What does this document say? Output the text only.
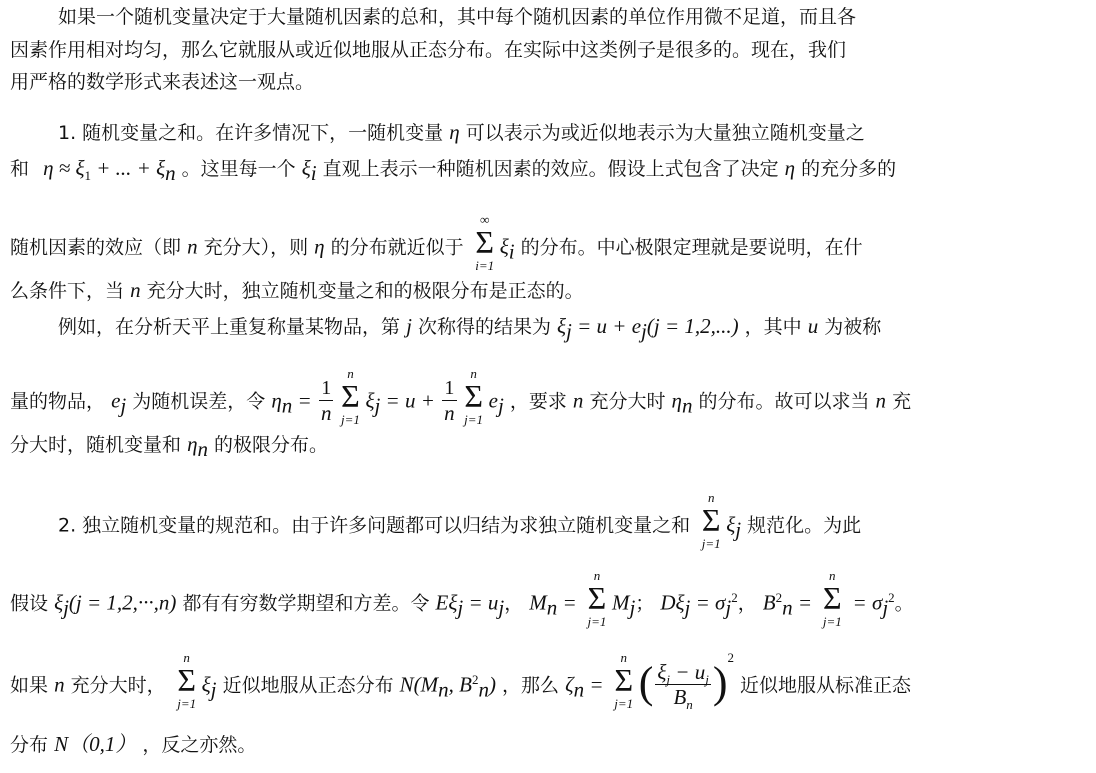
如果一个随机变量决定于大量随机因素的总和，其中每个随机因素的单位作用微不足道，而且各
因素作用相对均匀，那么它就服从或近似地服从正态分布。在实际中这类例子是很多的。现在，我们
用严格的数学形式来表述这一观点。
1. 随机变量之和。在许多情况下，一随机变量 η 可以表示为或近似地表示为大量独立随机变量之
和 $\eta \approx \xi_1$ + ... + $\xi_n$ 。这里每一个 $\xi_i$ 直观上表示一种随机因素的效应。假设上式包含了决定 η 的充分多的
随机因素的效应（即 n 充分大），则 η 的分布就近似于
∞
Σ
i=1
$\xi_i$ 的分布。中心极限定理就是要说明，在什
么条件下，当 n 充分大时，独立随机变量之和的极限分布是正态的。
例如，在分析天平上重复称量某物品，第 j 次称得的结果为 $\xi_j = u + e_j(j = 1,2,...)$ ，其中 u 为被称
量的物品， $e_j$ 为随机误差，令 $\eta_n = \frac{1}{n}$
n
Σ
j=1
$\xi_j = u + \frac{1}{n}$
n
Σ
j=1
$e_j$ ，要求 n 充分大时 $\eta_n$ 的分布。故可以求当 n 充
分大时，随机变量和 $\eta_n$ 的极限分布。
2. 独立随机变量的规范和。由于许多问题都可以归结为求独立随机变量之和
n
Σ
j=1
$\xi_j$ 规范化。为此
假设 $\xi_j(j = 1,2,\cdot\cdot\cdot,n)$ 都有有穷数学期望和方差。令 $E\xi_j = u_j$， $M_n$ =
n
Σ
j=1
$M_j$； $D\xi_j = \sigma_j^2$， $B^2_n$ =
n
Σ
j=1
= $\sigma_j^2$。
如果 n 充分大时，
n
Σ
j=1
$\xi_j$ 近似地服从正态分布 $N(M_n$, $B^2_n$) ，那么 $\zeta_n$ =
n
Σ
j=1 ( $\frac{\xi_j - u_j}{B_n} )^2$ 近似地服从标准正态
分布 N（0,1） ，反之亦然。
